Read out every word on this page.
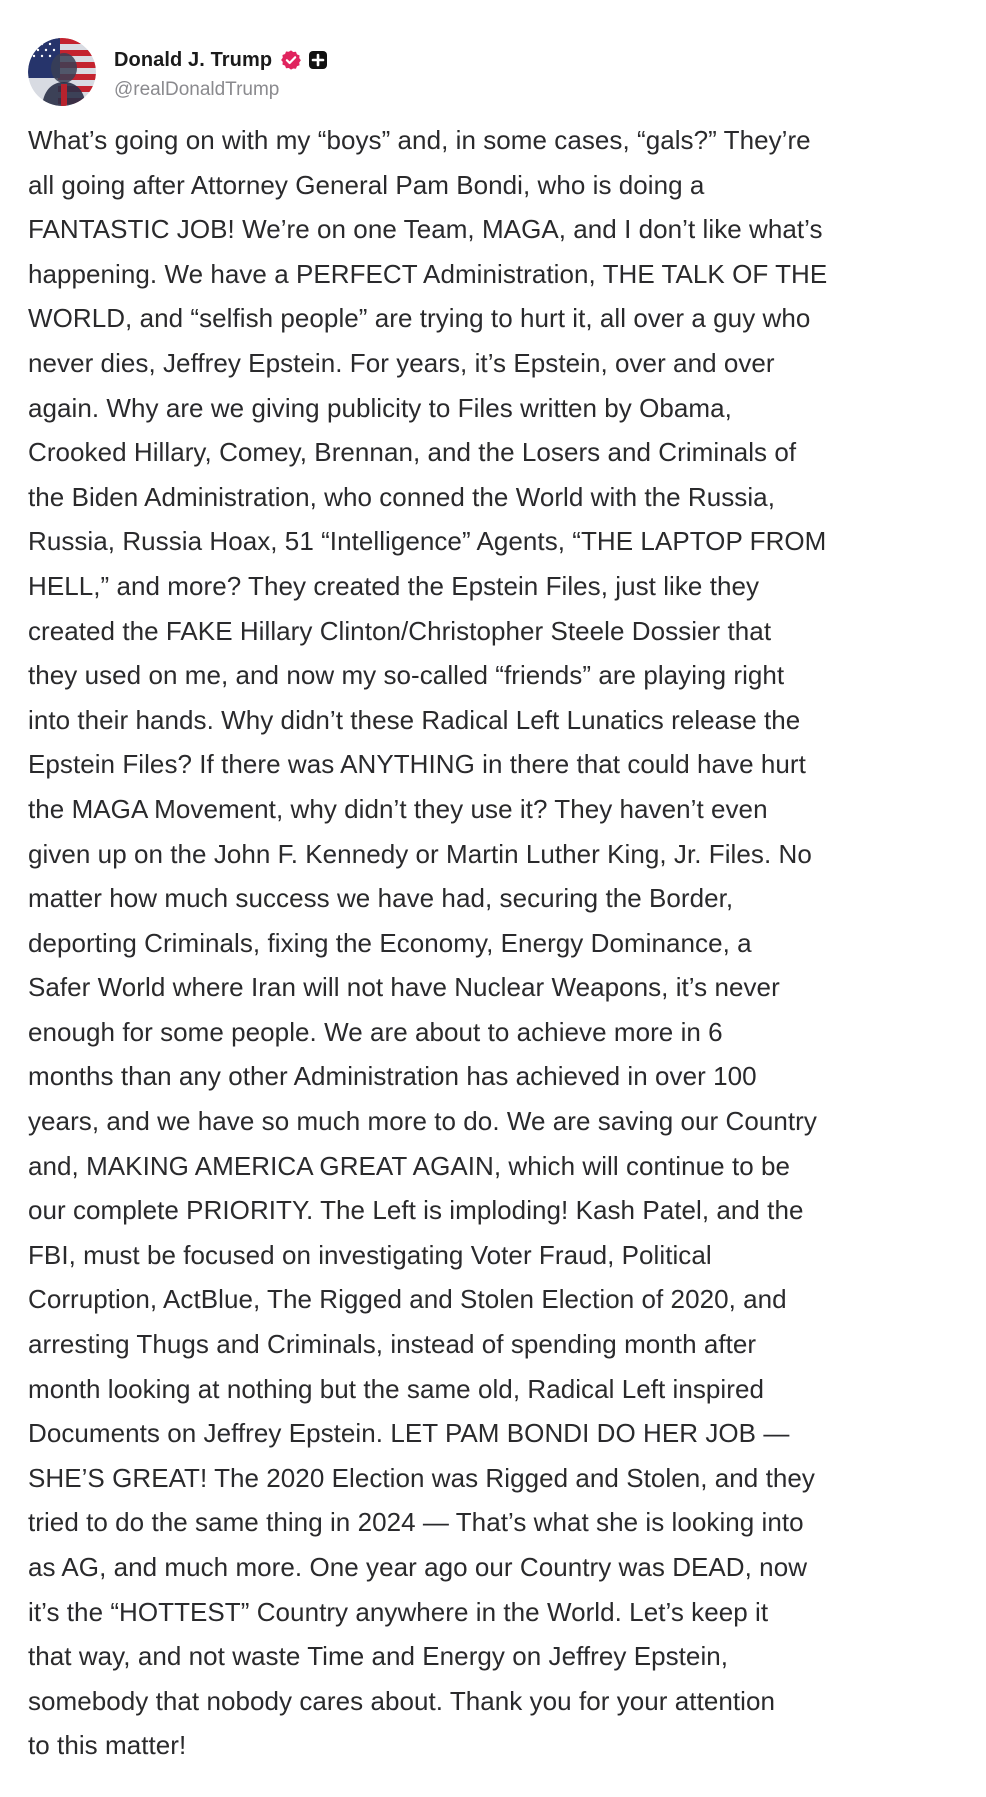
Donald J. Trump
@realDonaldTrump
What’s going on with my “boys” and, in some cases, “gals?” They’re
all going after Attorney General Pam Bondi, who is doing a
FANTASTIC JOB! We’re on one Team, MAGA, and I don’t like what’s
happening. We have a PERFECT Administration, THE TALK OF THE
WORLD, and “selfish people” are trying to hurt it, all over a guy who
never dies, Jeffrey Epstein. For years, it’s Epstein, over and over
again. Why are we giving publicity to Files written by Obama,
Crooked Hillary, Comey, Brennan, and the Losers and Criminals of
the Biden Administration, who conned the World with the Russia,
Russia, Russia Hoax, 51 “Intelligence” Agents, “THE LAPTOP FROM
HELL,” and more? They created the Epstein Files, just like they
created the FAKE Hillary Clinton/Christopher Steele Dossier that
they used on me, and now my so-called “friends” are playing right
into their hands. Why didn’t these Radical Left Lunatics release the
Epstein Files? If there was ANYTHING in there that could have hurt
the MAGA Movement, why didn’t they use it? They haven’t even
given up on the John F. Kennedy or Martin Luther King, Jr. Files. No
matter how much success we have had, securing the Border,
deporting Criminals, fixing the Economy, Energy Dominance, a
Safer World where Iran will not have Nuclear Weapons, it’s never
enough for some people. We are about to achieve more in 6
months than any other Administration has achieved in over 100
years, and we have so much more to do. We are saving our Country
and, MAKING AMERICA GREAT AGAIN, which will continue to be
our complete PRIORITY. The Left is imploding! Kash Patel, and the
FBI, must be focused on investigating Voter Fraud, Political
Corruption, ActBlue, The Rigged and Stolen Election of 2020, and
arresting Thugs and Criminals, instead of spending month after
month looking at nothing but the same old, Radical Left inspired
Documents on Jeffrey Epstein. LET PAM BONDI DO HER JOB —
SHE’S GREAT! The 2020 Election was Rigged and Stolen, and they
tried to do the same thing in 2024 — That’s what she is looking into
as AG, and much more. One year ago our Country was DEAD, now
it’s the “HOTTEST” Country anywhere in the World. Let’s keep it
that way, and not waste Time and Energy on Jeffrey Epstein,
somebody that nobody cares about. Thank you for your attention
to this matter!
